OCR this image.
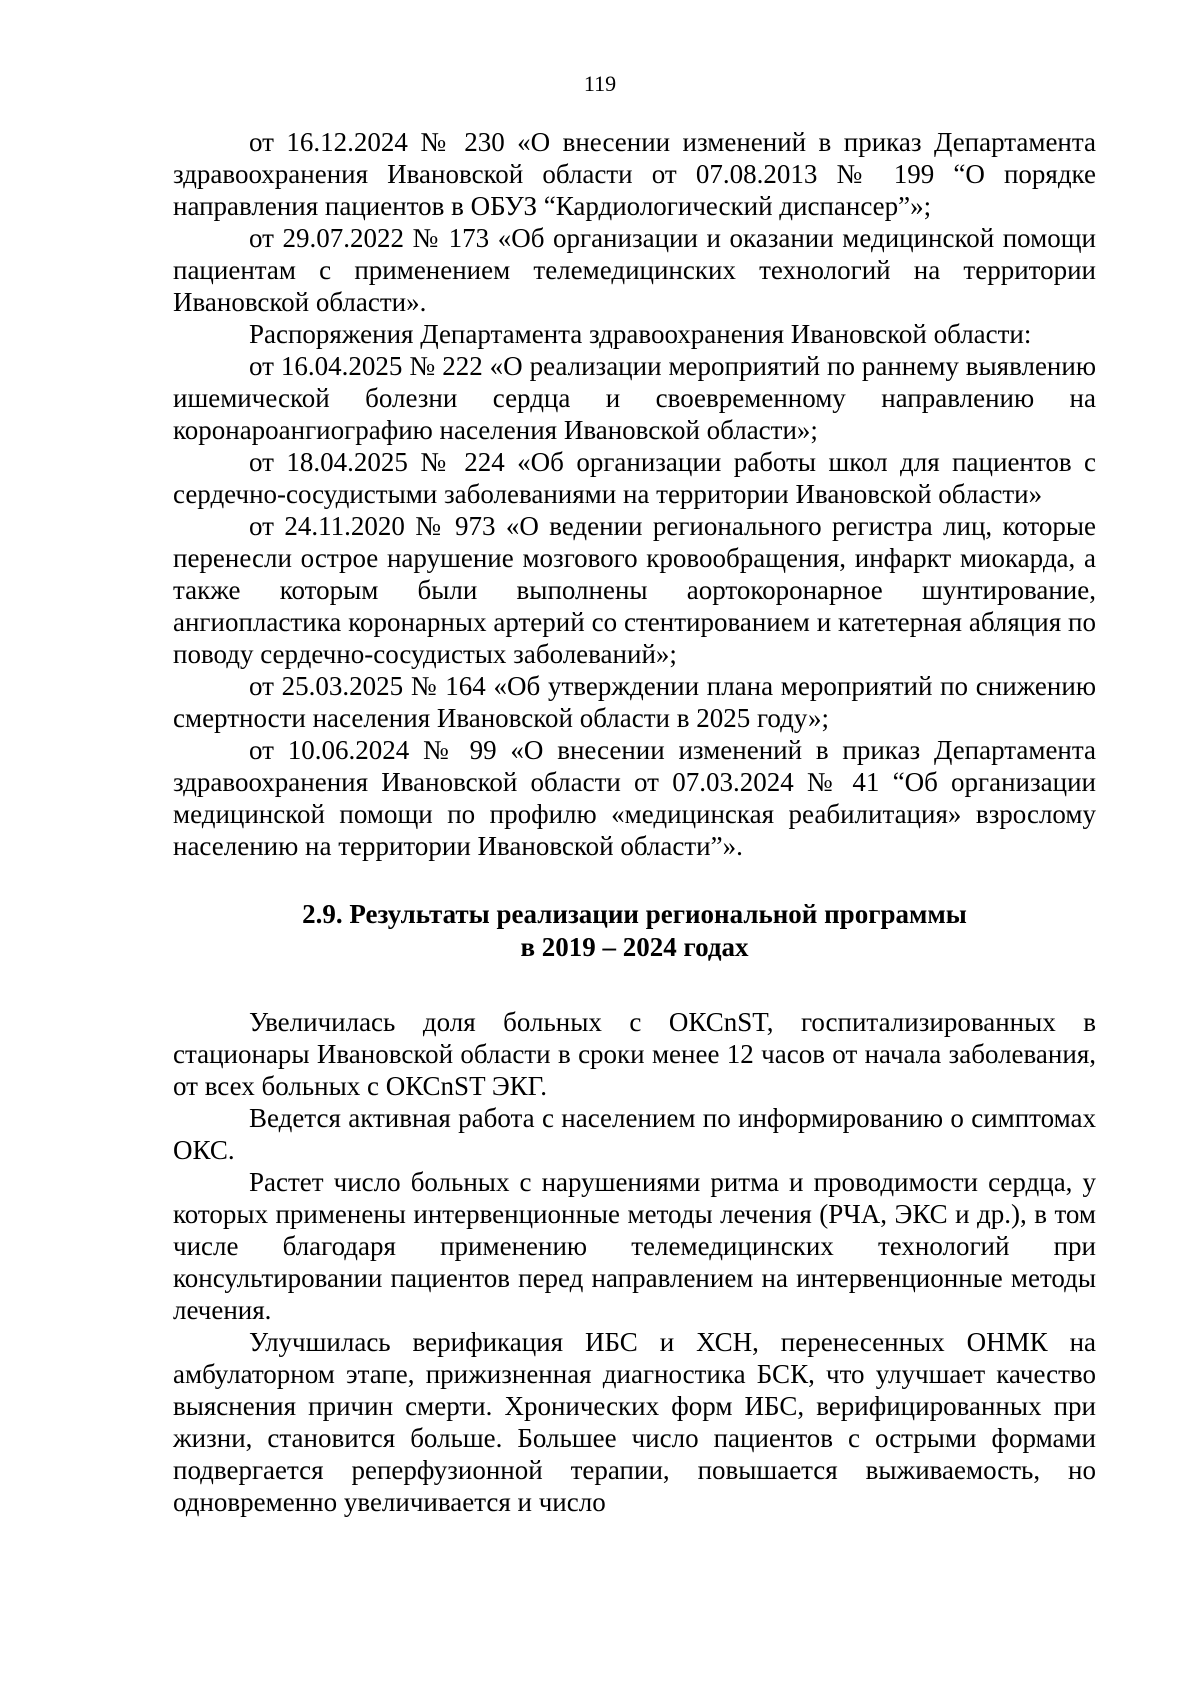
119

от 16.12.2024 № 230 «О внесении изменений в приказ Департамента здравоохранения Ивановской области от 07.08.2013 № 199 “О порядке направления пациентов в ОБУЗ “Кардиологический диспансер”»;

от 29.07.2022 № 173 «Об организации и оказании медицинской помощи пациентам с применением телемедицинских технологий на территории Ивановской области».

Распоряжения Департамента здравоохранения Ивановской области:

от 16.04.2025 № 222 «О реализации мероприятий по раннему выявлению ишемической болезни сердца и своевременному направлению на коронароангиографию населения Ивановской области»;

от 18.04.2025 № 224 «Об организации работы школ для пациентов с сердечно-сосудистыми заболеваниями на территории Ивановской области»

от 24.11.2020 № 973 «О ведении регионального регистра лиц, которые перенесли острое нарушение мозгового кровообращения, инфаркт миокарда, а также которым были выполнены аортокоронарное шунтирование, ангиопластика коронарных артерий со стентированием и катетерная абляция по поводу сердечно-сосудистых заболеваний»;

от 25.03.2025 № 164 «Об утверждении плана мероприятий по снижению смертности населения Ивановской области в 2025 году»;

от 10.06.2024 № 99 «О внесении изменений в приказ Департамента здравоохранения Ивановской области от 07.03.2024 № 41 “Об организации медицинской помощи по профилю «медицинская реабилитация» взрослому населению на территории Ивановской области”».

2.9. Результаты реализации региональной программы
в 2019 – 2024 годах

Увеличилась доля больных с ОКСnST, госпитализированных в стационары Ивановской области в сроки менее 12 часов от начала заболевания, от всех больных с ОКСnST ЭКГ.

Ведется активная работа с населением по информированию о симптомах ОКС.

Растет число больных с нарушениями ритма и проводимости сердца, у которых применены интервенционные методы лечения (РЧА, ЭКС и др.), в том числе благодаря применению телемедицинских технологий при консультировании пациентов перед направлением на интервенционные методы лечения.

Улучшилась верификация ИБС и ХСН, перенесенных ОНМК на амбулаторном этапе, прижизненная диагностика БСК, что улучшает качество выяснения причин смерти. Хронических форм ИБС, верифицированных при жизни, становится больше. Большее число пациентов с острыми формами подвергается реперфузионной терапии, повышается выживаемость, но одновременно увеличивается и число
